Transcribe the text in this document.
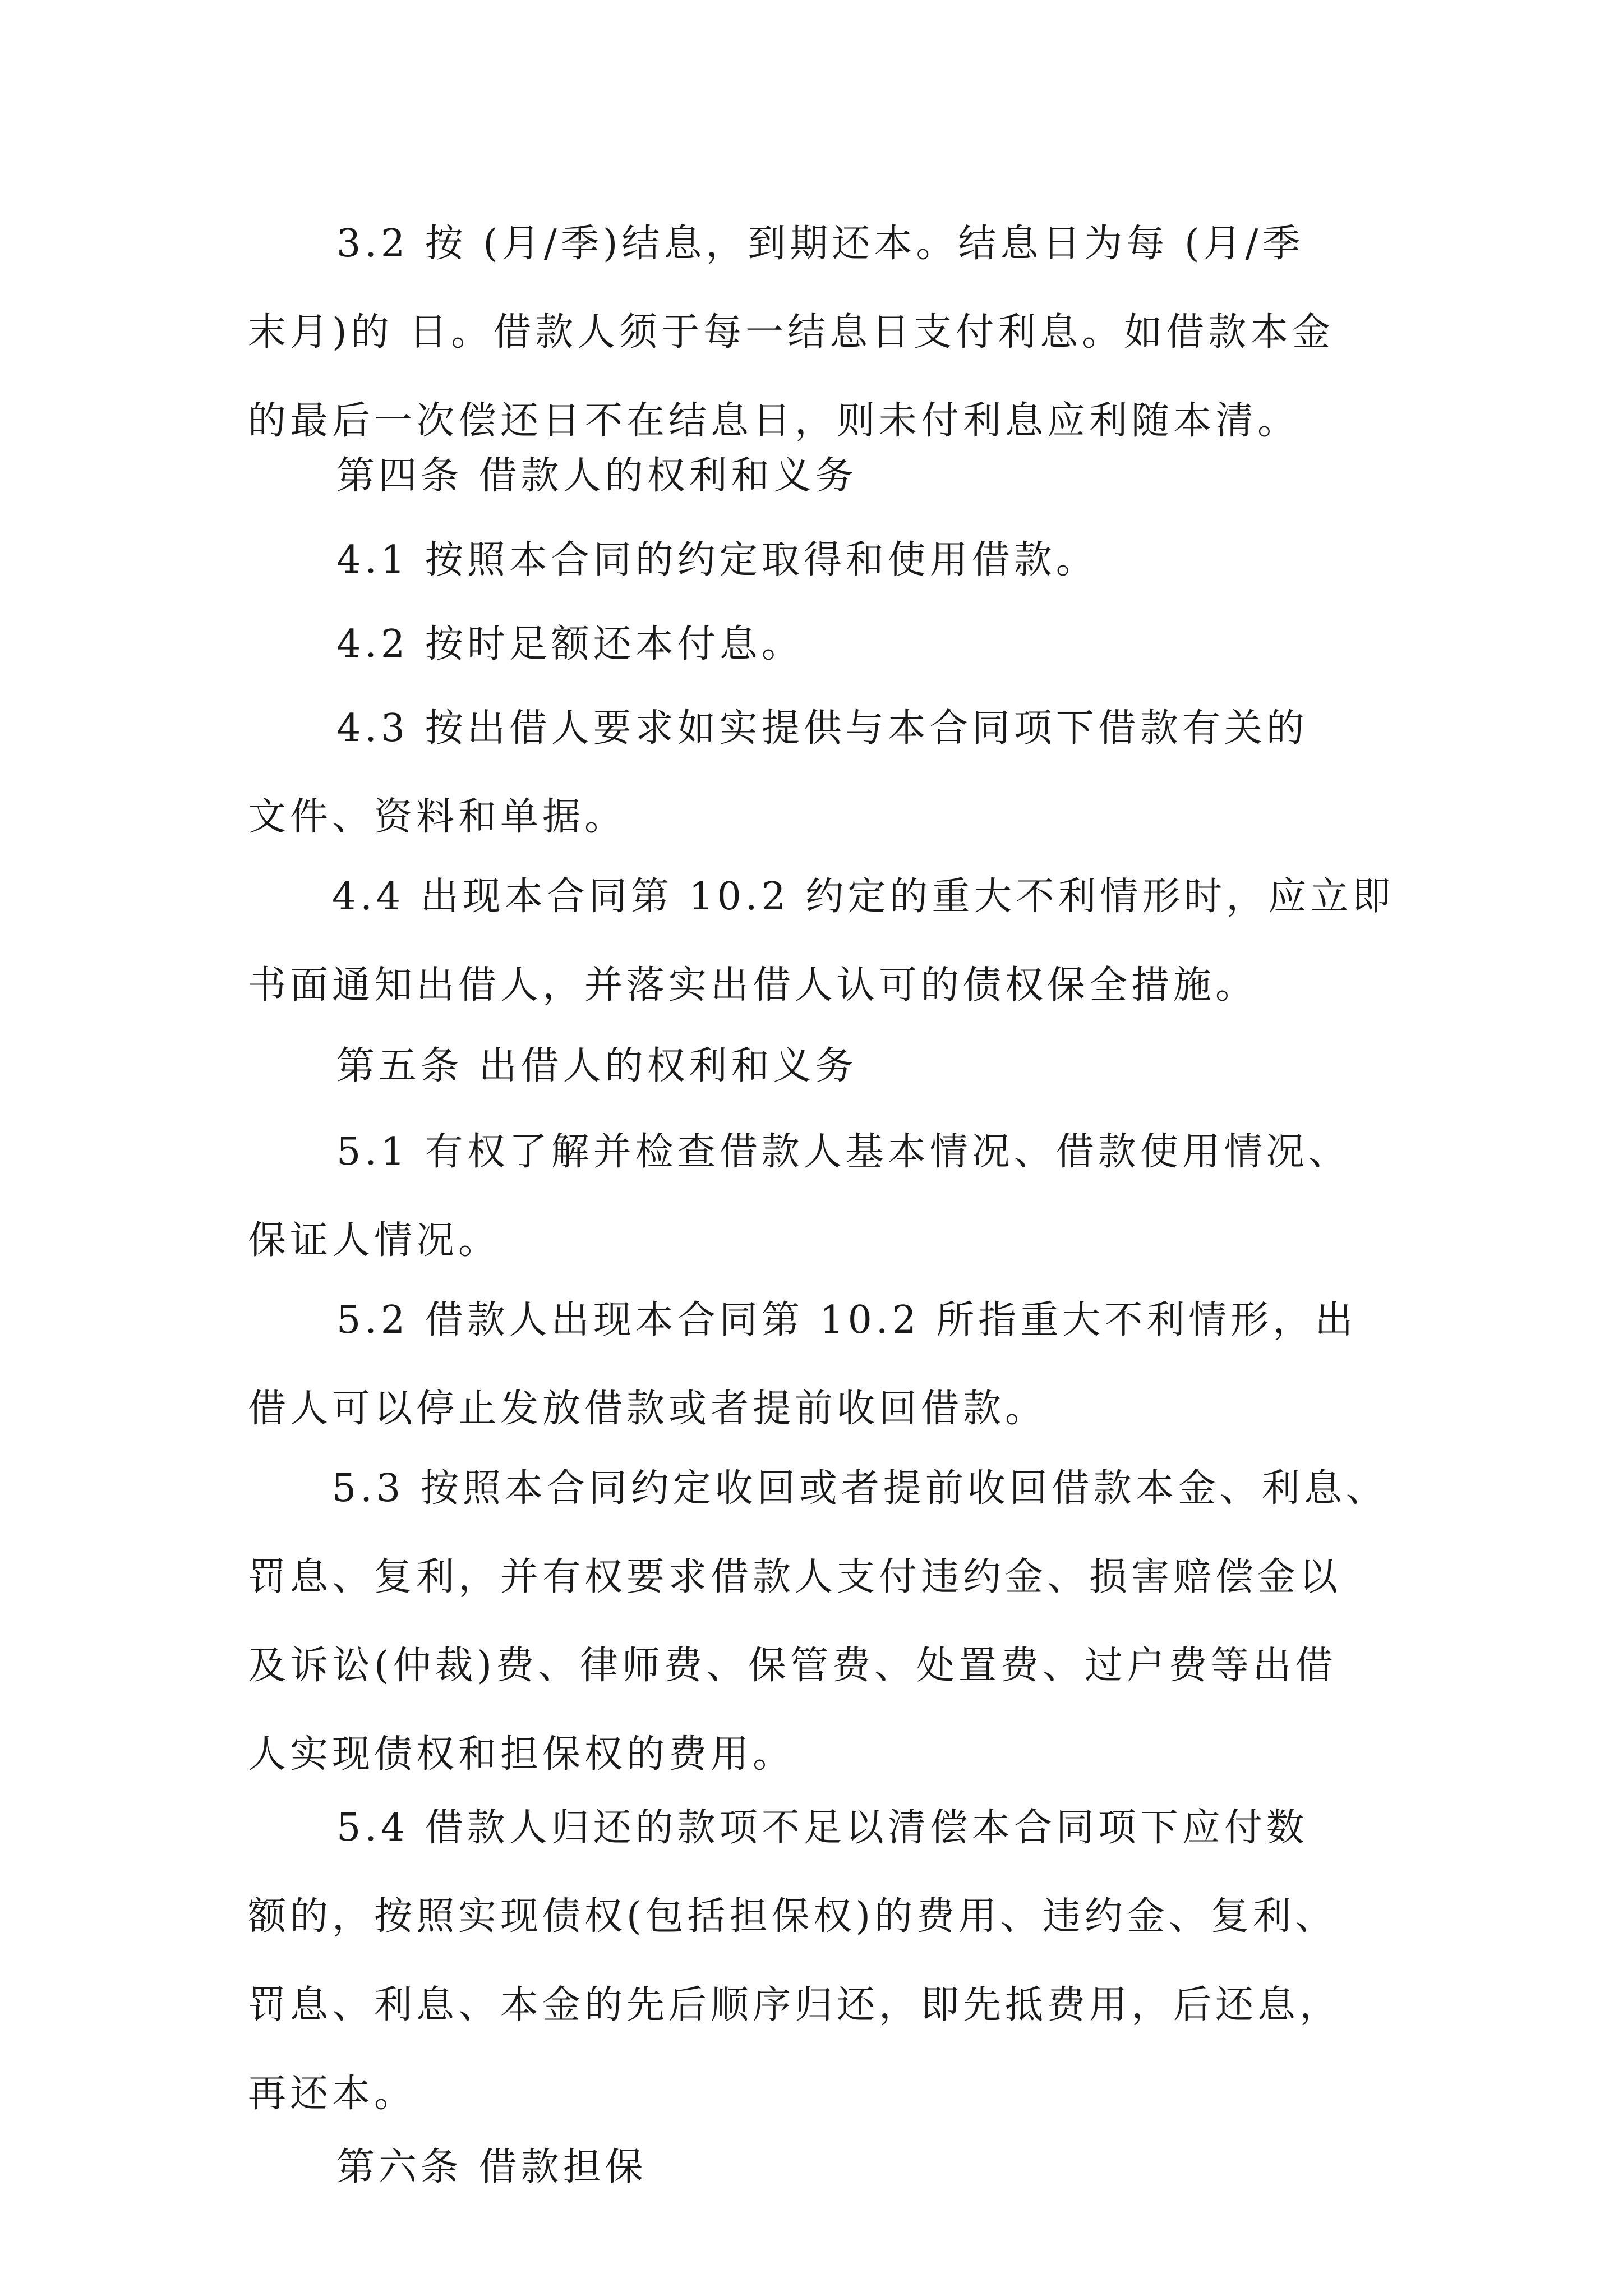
3.2 按 (月/季)结息，到期还本。结息日为每 (月/季
末月)的 日。借款人须于每一结息日支付利息。如借款本金
的最后一次偿还日不在结息日，则未付利息应利随本清。
第四条 借款人的权利和义务
4.1 按照本合同的约定取得和使用借款。
4.2 按时足额还本付息。
4.3 按出借人要求如实提供与本合同项下借款有关的
文件、资料和单据。
4.4 出现本合同第 10.2 约定的重大不利情形时，应立即
书面通知出借人，并落实出借人认可的债权保全措施。
第五条 出借人的权利和义务
5.1 有权了解并检查借款人基本情况、借款使用情况、
保证人情况。
5.2 借款人出现本合同第 10.2 所指重大不利情形，出
借人可以停止发放借款或者提前收回借款。
5.3 按照本合同约定收回或者提前收回借款本金、利息、
罚息、复利，并有权要求借款人支付违约金、损害赔偿金以
及诉讼(仲裁)费、律师费、保管费、处置费、过户费等出借
人实现债权和担保权的费用。
5.4 借款人归还的款项不足以清偿本合同项下应付数
额的，按照实现债权(包括担保权)的费用、违约金、复利、
罚息、利息、本金的先后顺序归还，即先抵费用，后还息，
再还本。
第六条 借款担保
